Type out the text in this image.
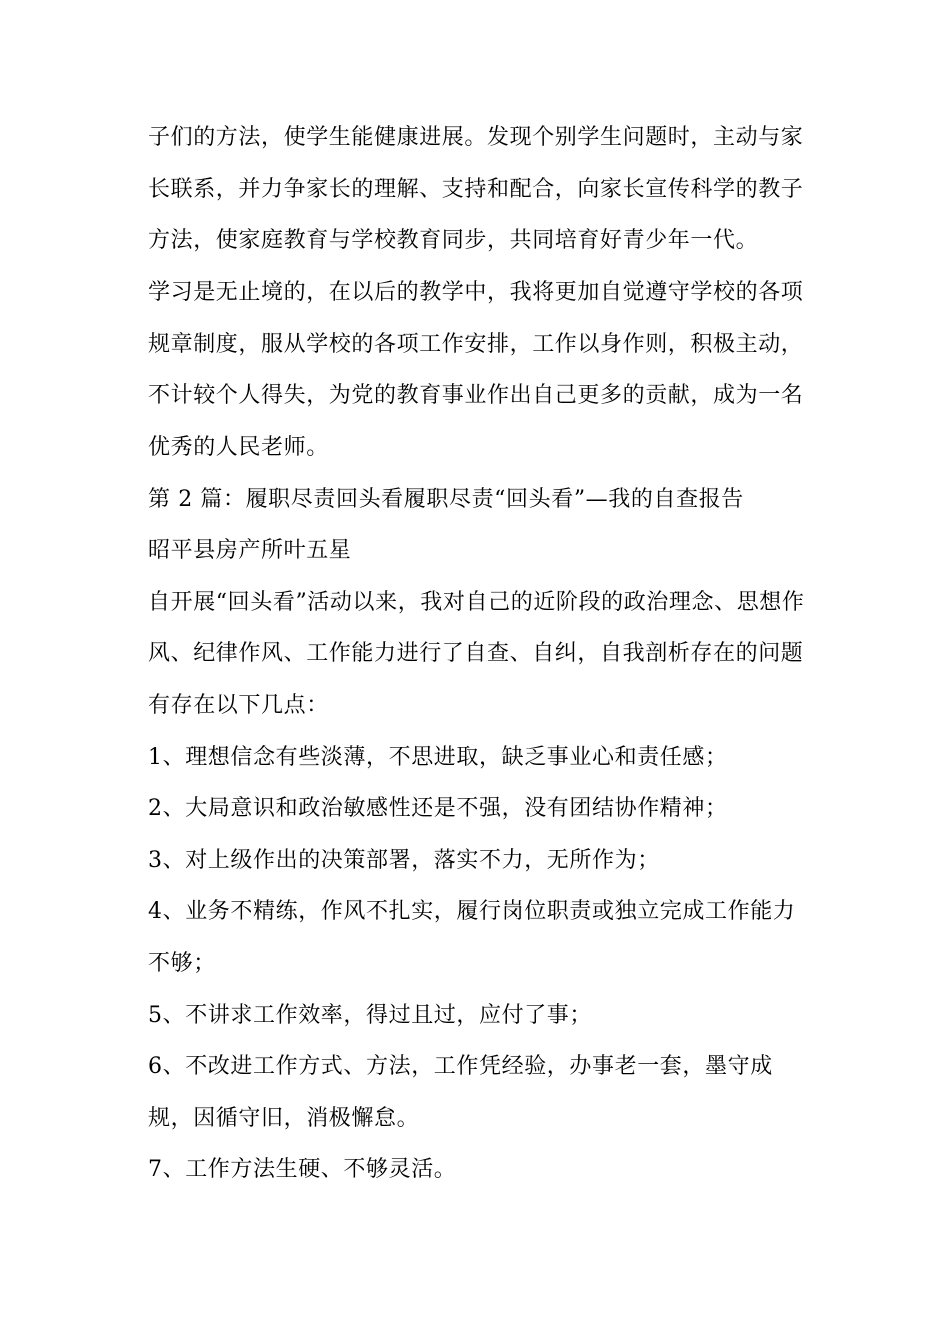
子们的方法，使学生能健康进展。发现个别学生问题时，主动与家
长联系，并力争家长的理解、支持和配合，向家长宣传科学的教子
方法，使家庭教育与学校教育同步，共同培育好青少年一代。
学习是无止境的，在以后的教学中，我将更加自觉遵守学校的各项
规章制度，服从学校的各项工作安排，工作以身作则，积极主动，
不计较个人得失，为党的教育事业作出自己更多的贡献，成为一名
优秀的人民老师。
第 2 篇：履职尽责回头看履职尽责“回头看”—我的自查报告
昭平县房产所叶五星
自开展“回头看”活动以来，我对自己的近阶段的政治理念、思想作
风、纪律作风、工作能力进行了自查、自纠，自我剖析存在的问题
有存在以下几点：
1、理想信念有些淡薄，不思进取，缺乏事业心和责任感；
2、大局意识和政治敏感性还是不强，没有团结协作精神；
3、对上级作出的决策部署，落实不力，无所作为；
4、业务不精练，作风不扎实，履行岗位职责或独立完成工作能力
不够；
5、不讲求工作效率，得过且过，应付了事；
6、不改进工作方式、方法，工作凭经验，办事老一套，墨守成
规，因循守旧，消极懈怠。
7、工作方法生硬、不够灵活。
